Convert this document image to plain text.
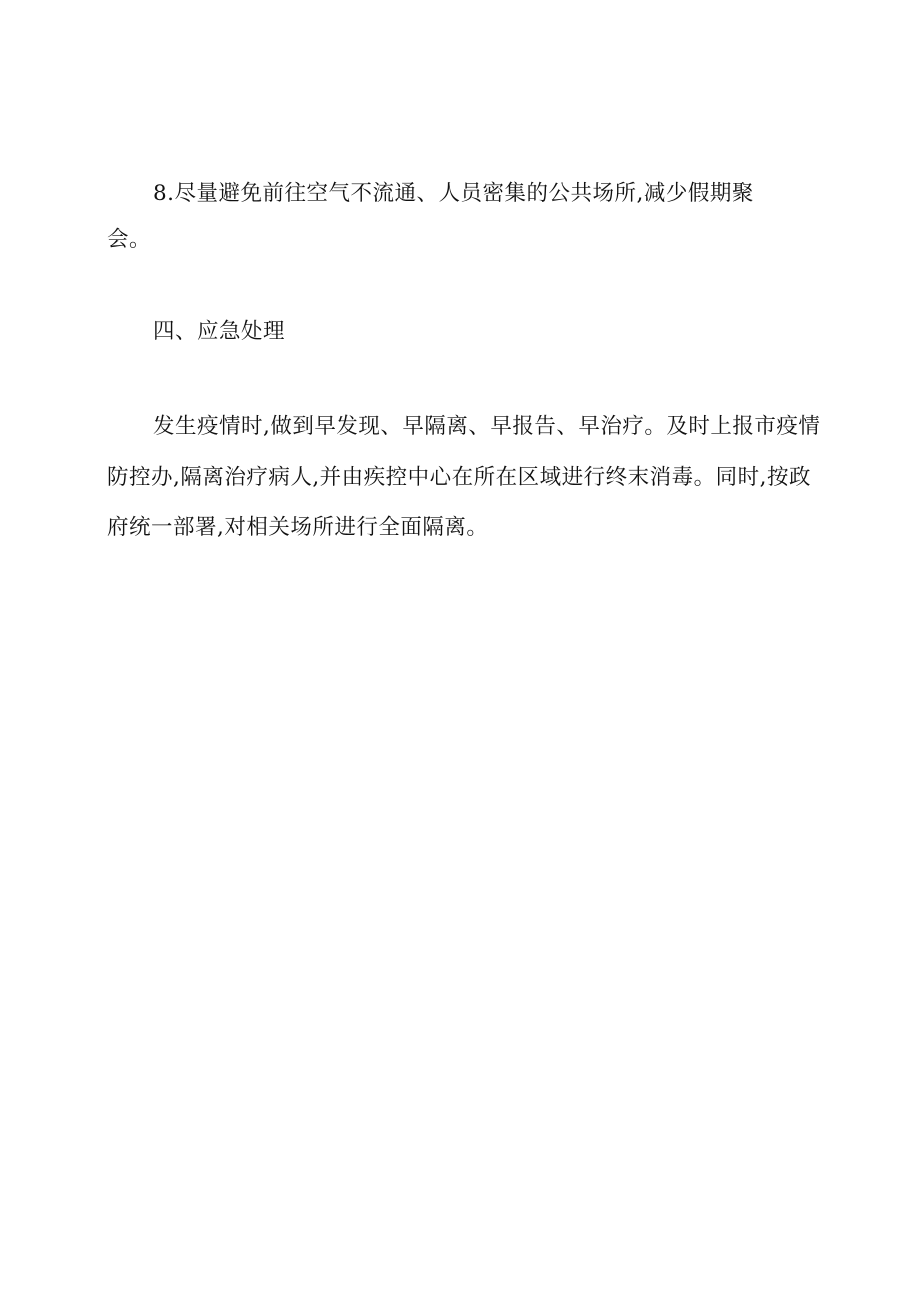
8.尽量避免前往空气不流通、人员密集的公共场所,减少假期聚
会。
四、应急处理
发生疫情时,做到早发现、早隔离、早报告、早治疗。及时上报市疫情
防控办,隔离治疗病人,并由疾控中心在所在区域进行终末消毒。同时,按政
府统一部署,对相关场所进行全面隔离。
